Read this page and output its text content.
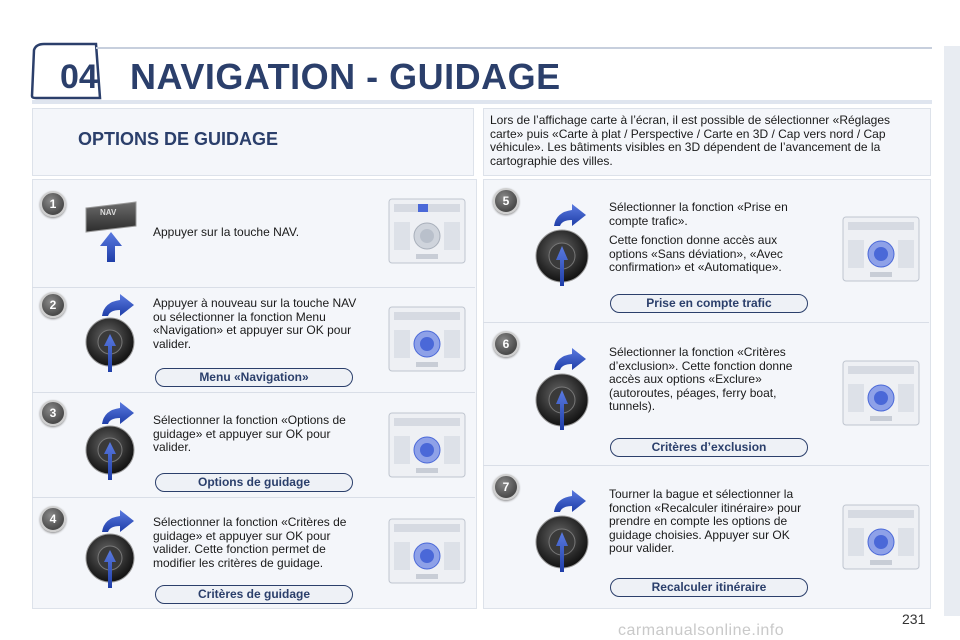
04 NAVIGATION - GUIDAGE
OPTIONS DE GUIDAGE
Lors de l’affichage carte à l’écran, il est possible de sélectionner «Réglages carte» puis «Carte à plat / Perspective / Carte en 3D / Cap vers nord / Cap véhicule». Les bâtiments visibles en 3D dépendent de l’avancement de la cartographie des villes.
1
NAV
Appuyer sur la touche NAV.
2	Appuyer à nouveau sur la touche NAV ou sélectionner la fonction Menu «Navigation» et appuyer sur OK pour valider.
Menu «Navigation»
3	Sélectionner la fonction «Options de guidage» et appuyer sur OK pour valider.
Options de guidage
4	Sélectionner la fonction «Critères de guidage» et appuyer sur OK pour valider. Cette fonction permet de modifier les critères de guidage.
Critères de guidage
5	Sélectionner la fonction «Prise en compte trafic».

Cette fonction donne accès aux options «Sans déviation», «Avec confirmation» et «Automatique».

Prise en compte trafic
6
Sélectionner la fonction «Critères d’exclusion». Cette fonction donne accès aux options «Exclure» (autoroutes, péages, ferry boat, tunnels).
Critères d’exclusion
7	Tourner la bague et sélectionner la fonction «Recalculer itinéraire» pour prendre en compte les options de guidage choisies. Appuyer sur OK pour valider.
Recalculer itinéraire
231
carmanualsonline.info
